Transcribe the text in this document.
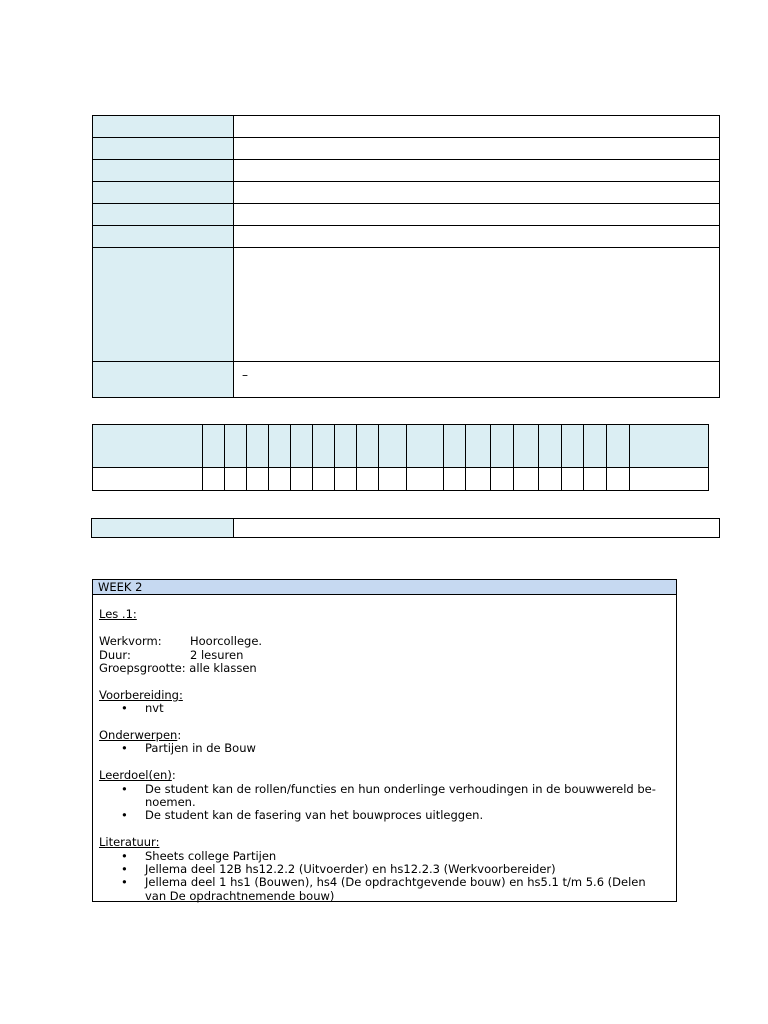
	–

WEEK 2
Les .1:
Werkvorm:	Hoorcollege.
Duur:	2 lesuren
Groepsgrootte: alle klassen
Voorbereiding:
• nvt
Onderwerpen:
• Partijen in de Bouw
Leerdoel(en):
• De student kan de rollen/functies en hun onderlinge verhoudingen in de bouwwereld be-
noemen.
• De student kan de fasering van het bouwproces uitleggen.
Literatuur:
• Sheets college Partijen
• Jellema deel 12B hs12.2.2 (Uitvoerder) en hs12.2.3 (Werkvoorbereider)
• Jellema deel 1 hs1 (Bouwen), hs4 (De opdrachtgevende bouw) en hs5.1 t/m 5.6 (Delen
van De opdrachtnemende bouw)
